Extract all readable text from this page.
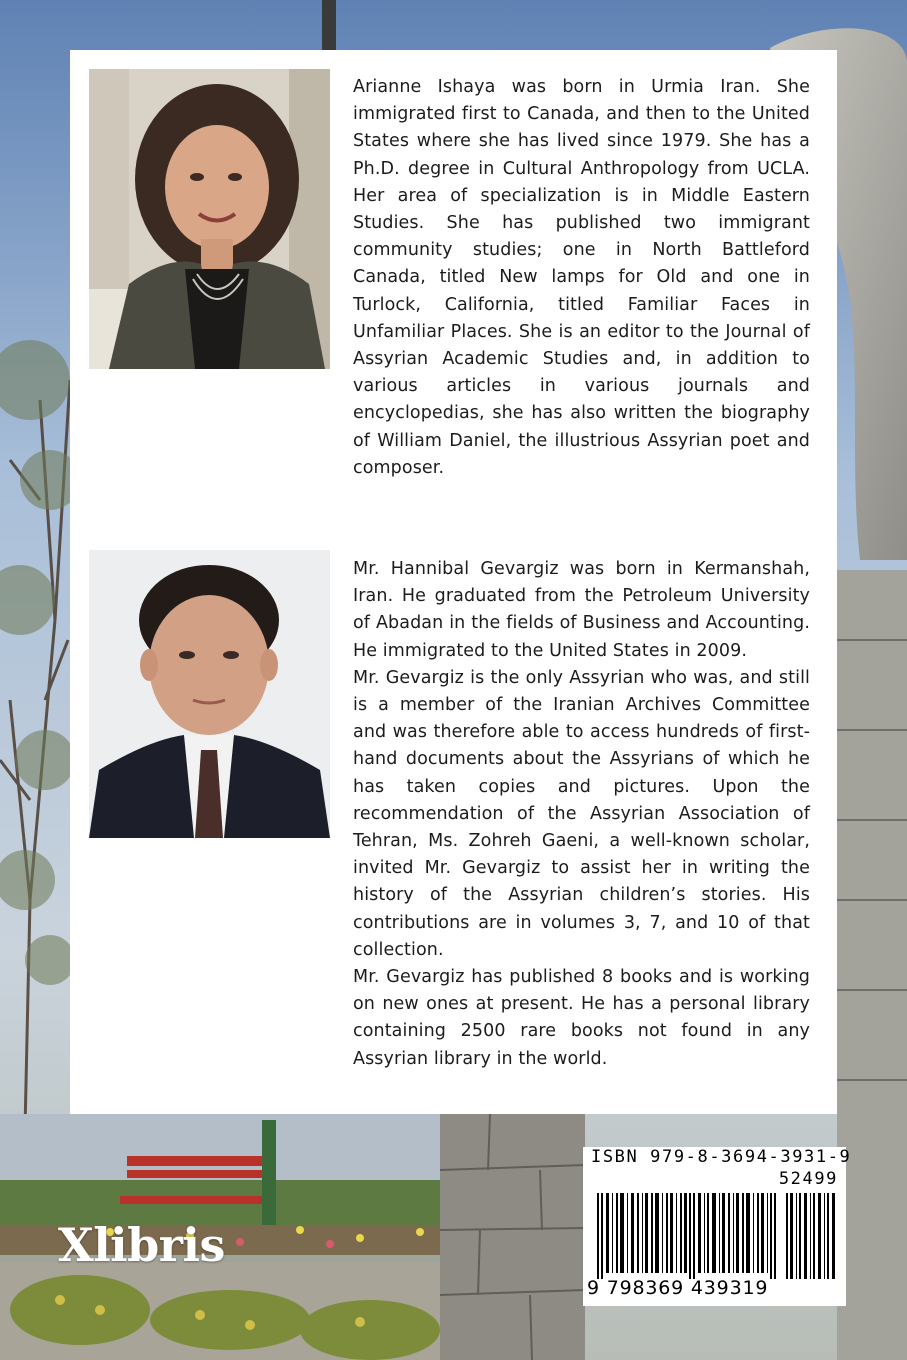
Arianne Ishaya was born in Urmia Iran. She immigrated first to Canada, and then to the United States where she has lived since 1979. She has a Ph.D. degree in Cultural Anthropology from UCLA. Her area of specialization is in Middle Eastern Studies. She has published two immigrant community studies; one in North Battleford Canada, titled New lamps for Old and one in Turlock, California, titled Familiar Faces in Unfamiliar Places. She is an editor to the Journal of Assyrian Academic Studies and, in addition to various articles in various journals and encyclopedias, she has also written the biography of William Daniel, the illustrious Assyrian poet and composer.

Mr. Hannibal Gevargiz was born in Kermanshah, Iran. He graduated from the Petroleum University of Abadan in the fields of Business and Accounting. He immigrated to the United States in 2009.

Mr. Gevargiz is the only Assyrian who was, and still is a member of the Iranian Archives Committee and was therefore able to access hundreds of first-hand documents about the Assyrians of which he has taken copies and pictures. Upon the recommendation of the Assyrian Association of Tehran, Ms. Zohreh Gaeni, a well-known scholar, invited Mr. Gevargiz to assist her in writing the history of the Assyrian children’s stories. His contributions are in volumes 3, 7, and 10 of that collection.

Mr. Gevargiz has published 8 books and is working on new ones at present. He has a personal library containing 2500 rare books not found in any Assyrian library in the world.

Xlibris
ISBN 979-8-3694-3931-9
52499
9 798369 439319
